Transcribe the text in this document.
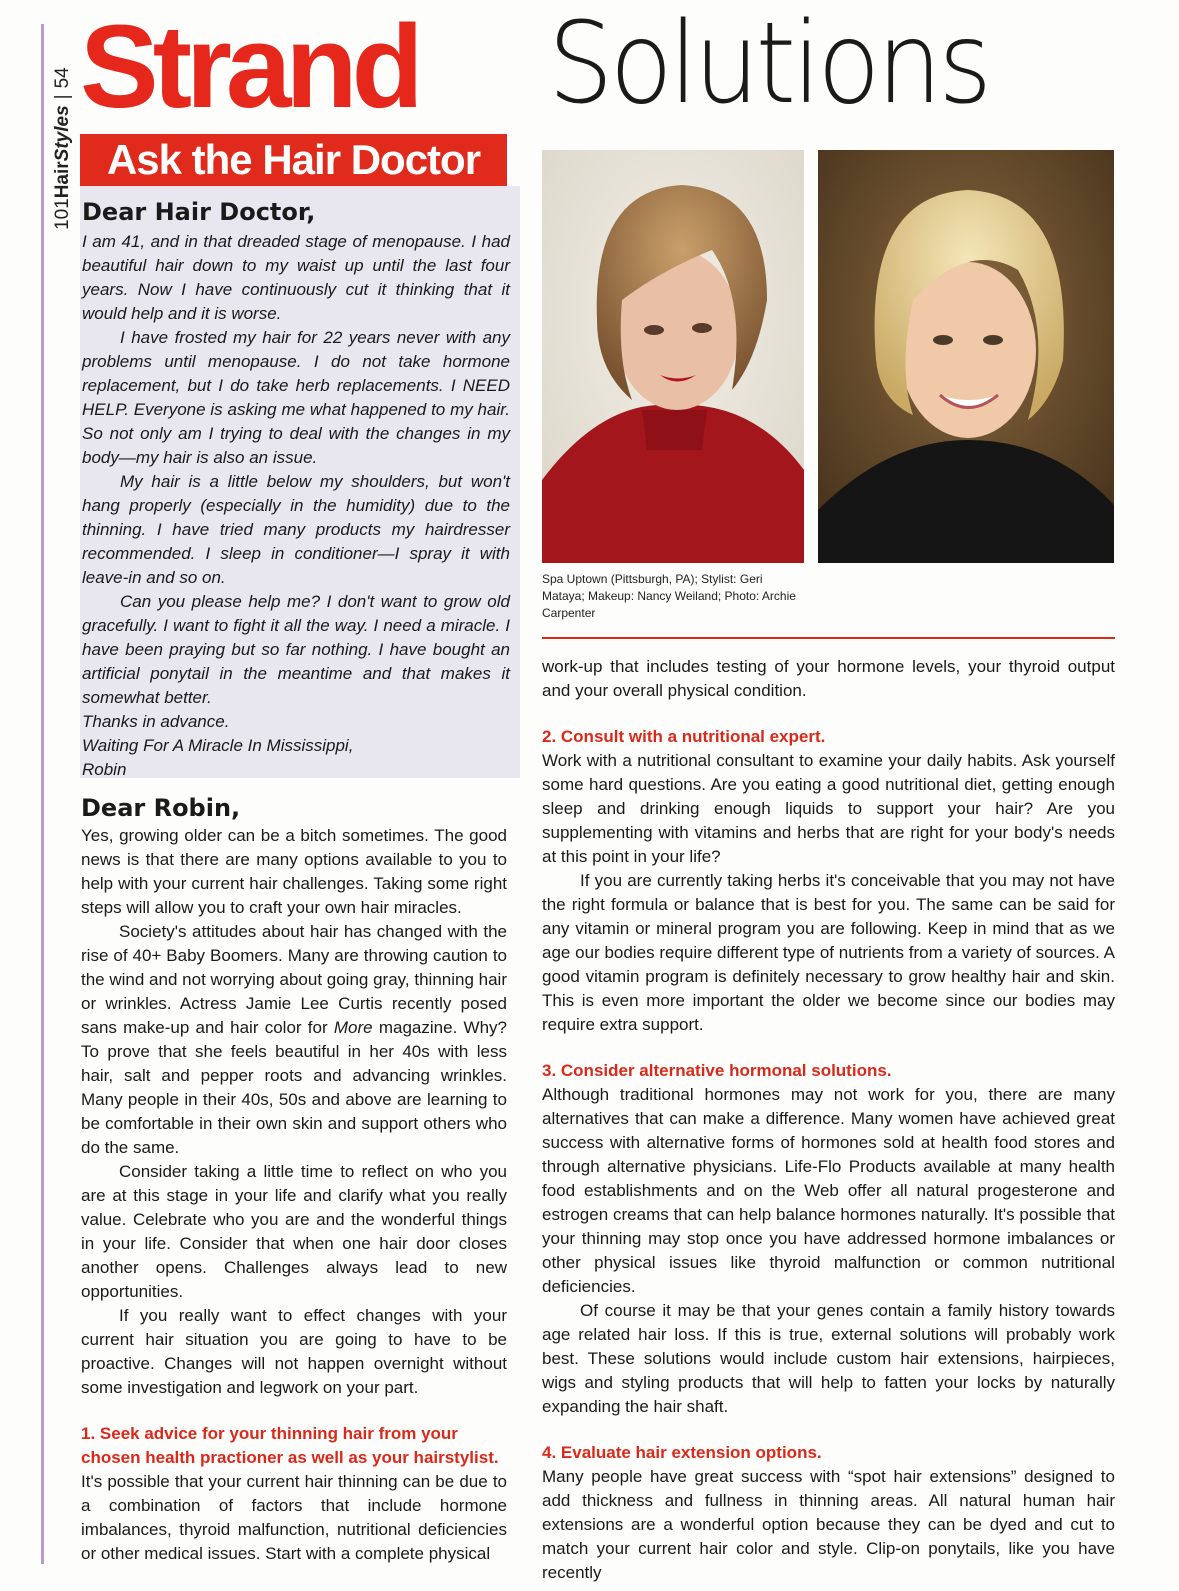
101HairStyles|54 Strand Solutions
Ask the Hair Doctor
Dear Hair Doctor,

I am 41, and in that dreaded stage of menopause. I had beautiful hair down to my waist up until the last four years. Now I have continuously cut it thinking that it would help and it is worse.

I have frosted my hair for 22 years never with any problems until menopause. I do not take hormone replacement, but I do take herb replacements. I NEED HELP. Everyone is asking me what happened to my hair. So not only am I trying to deal with the changes in my body—my hair is also an issue.

My hair is a little below my shoulders, but won't hang properly (especially in the humidity) due to the thinning. I have tried many products my hairdresser recommended. I sleep in conditioner—I spray it with leave-in and so on.

Can you please help me? I don't want to grow old gracefully. I want to fight it all the way. I need a miracle. I have been praying but so far nothing. I have bought an artificial ponytail in the meantime and that makes it somewhat better.

Thanks in advance.

Waiting For A Miracle In Mississippi,

Robin

Dear Robin,

Yes, growing older can be a bitch sometimes. The good news is that there are many options available to you to help with your current hair challenges. Taking some right steps will allow you to craft your own hair miracles.

Society's attitudes about hair has changed with the rise of 40+ Baby Boomers. Many are throwing caution to the wind and not worrying about going gray, thinning hair or wrinkles. Actress Jamie Lee Curtis recently posed sans make-up and hair color for More magazine. Why? To prove that she feels beautiful in her 40s with less hair, salt and pepper roots and advancing wrinkles. Many people in their 40s, 50s and above are learning to be comfortable in their own skin and support others who do the same.

Consider taking a little time to reflect on who you are at this stage in your life and clarify what you really value. Celebrate who you are and the wonderful things in your life. Consider that when one hair door closes another opens. Challenges always lead to new opportunities.

If you really want to effect changes with your current hair situation you are going to have to be proactive. Changes will not happen overnight without some investigation and legwork on your part.

1. Seek advice for your thinning hair from your chosen health practioner as well as your hairstylist.

It's possible that your current hair thinning can be due to a combination of factors that include hormone imbalances, thyroid malfunction, nutritional deficiencies or other medical issues. Start with a complete physical

Spa Uptown (Pittsburgh, PA); Stylist: Geri Mataya; Makeup: Nancy Weiland; Photo: Archie Carpenter

work-up that includes testing of your hormone levels, your thyroid output and your overall physical condition.

2. Consult with a nutritional expert.

Work with a nutritional consultant to examine your daily habits. Ask yourself some hard questions. Are you eating a good nutritional diet, getting enough sleep and drinking enough liquids to support your hair? Are you supplementing with vitamins and herbs that are right for your body's needs at this point in your life?

If you are currently taking herbs it's conceivable that you may not have the right formula or balance that is best for you. The same can be said for any vitamin or mineral program you are following. Keep in mind that as we age our bodies require different type of nutrients from a variety of sources. A good vitamin program is definitely necessary to grow healthy hair and skin. This is even more important the older we become since our bodies may require extra support.

3. Consider alternative hormonal solutions.

Although traditional hormones may not work for you, there are many alternatives that can make a difference. Many women have achieved great success with alternative forms of hormones sold at health food stores and through alternative physicians. Life-Flo Products available at many health food establishments and on the Web offer all natural progesterone and estrogen creams that can help balance hormones naturally. It's possible that your thinning may stop once you have addressed hormone imbalances or other physical issues like thyroid malfunction or common nutritional deficiencies.

Of course it may be that your genes contain a family history towards age related hair loss. If this is true, external solutions will probably work best. These solutions would include custom hair extensions, hairpieces, wigs and styling products that will help to fatten your locks by naturally expanding the hair shaft.

4. Evaluate hair extension options.

Many people have great success with “spot hair extensions” designed to add thickness and fullness in thinning areas. All natural human hair extensions are a wonderful option because they can be dyed and cut to match your current hair color and style. Clip-on ponytails, like you have recently
